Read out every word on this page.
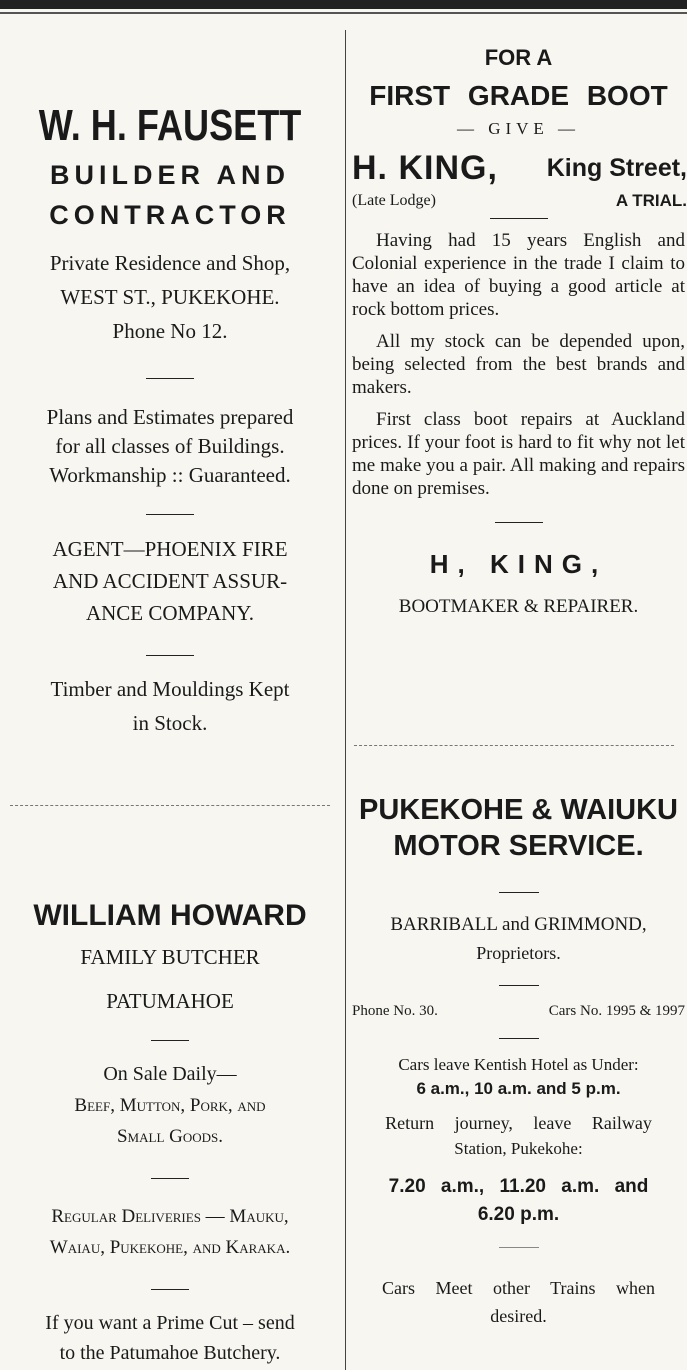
W. H. FAUSETT
BUILDER AND
CONTRACTOR
Private Residence and Shop,
WEST ST., PUKEKOHE.
Phone No 12.
Plans and Estimates prepared
for all classes of Buildings.
Workmanship :: Guaranteed.
AGENT—PHOENIX FIRE
AND ACCIDENT ASSUR-
ANCE COMPANY.
Timber and Mouldings Kept
in Stock.
WILLIAM HOWARD
FAMILY BUTCHER
PATUMAHOE
On Sale Daily—
Beef, Mutton, Pork, and
Small Goods.
Regular Deliveries — Mauku,
Waiau, Pukekohe, and Karaka.
If you want a Prime Cut – send
to the Patumahoe Butchery.
FOR A
FIRST GRADE BOOT
— GIVE —
H. KING, King Street,
(Late Lodge)	A TRIAL.

Having had 15 years English and Colonial experience in the trade I claim to have an idea of buying a good article at rock bottom prices.

All my stock can be depended upon, being selected from the best brands and makers.

First class boot repairs at Auckland prices. If your foot is hard to fit why not let me make you a pair. All making and repairs done on premises.

H, KING,
BOOTMAKER & REPAIRER.
PUKEKOHE & WAIUKU
MOTOR SERVICE.
BARRIBALL and GRIMMOND,
Proprietors.
Phone No. 30.	Cars No. 1995 & 1997
Cars leave Kentish Hotel as Under:
6 a.m., 10 a.m. and 5 p.m.
Return journey, leave Railway
Station, Pukekohe:
7.20 a.m., 11.20 a.m. and
6.20 p.m.
Cars Meet other Trains when
desired.
